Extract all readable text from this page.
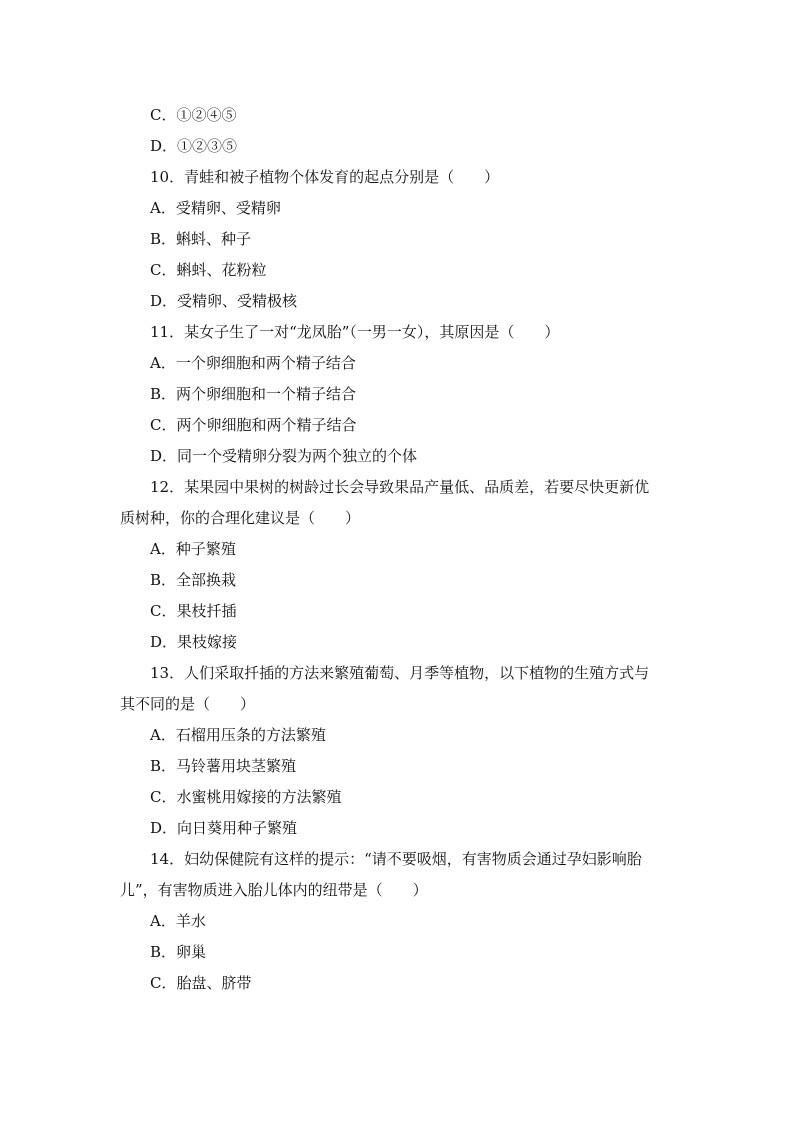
C．①②④⑤
D．①②③⑤
10．青蛙和被子植物个体发育的起点分别是（　　）
A．受精卵、受精卵
B．蝌蚪、种子
C．蝌蚪、花粉粒
D．受精卵、受精极核
11．某女子生了一对“龙凤胎”（一男一女），其原因是（　　）
A．一个卵细胞和两个精子结合
B．两个卵细胞和一个精子结合
C．两个卵细胞和两个精子结合
D．同一个受精卵分裂为两个独立的个体
12．某果园中果树的树龄过长会导致果品产量低、品质差，若要尽快更新优
质树种，你的合理化建议是（　　）
A．种子繁殖
B．全部换栽
C．果枝扦插
D．果枝嫁接
13．人们采取扦插的方法来繁殖葡萄、月季等植物，以下植物的生殖方式与
其不同的是（　　）
A．石榴用压条的方法繁殖
B．马铃薯用块茎繁殖
C．水蜜桃用嫁接的方法繁殖
D．向日葵用种子繁殖
14．妇幼保健院有这样的提示：“请不要吸烟，有害物质会通过孕妇影响胎
儿”，有害物质进入胎儿体内的纽带是（　　）
A．羊水
B．卵巢
C．胎盘、脐带
